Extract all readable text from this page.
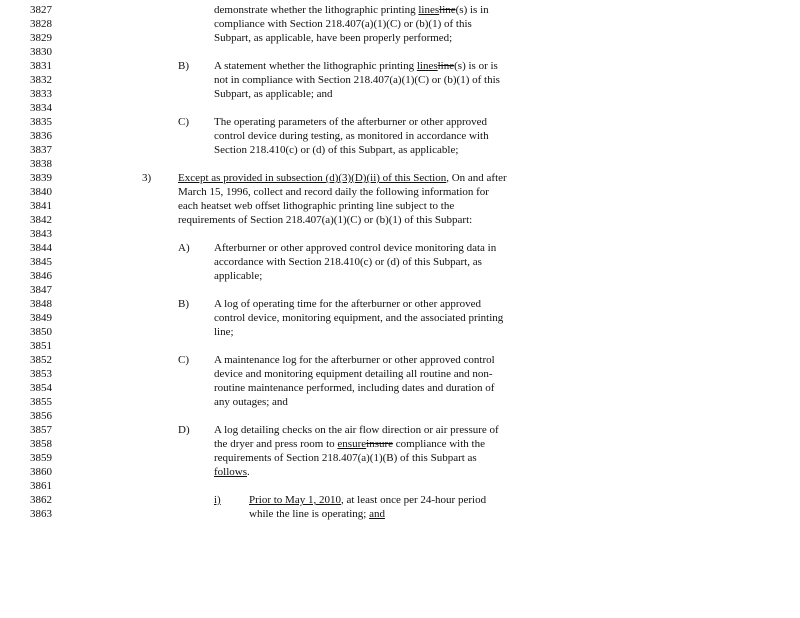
3827
3828
3829
3830
3831
3832
3833
3834
3835
3836
3837
3838
3839
3840
3841
3842
3843
3844
3845
3846
3847
3848
3849
3850
3851
3852
3853
3854
3855
3856
3857
3858
3859
3860
3861
3862
3863
demonstrate whether the lithographic printing linesline(s) is in
compliance with Section 218.407(a)(1)(C) or (b)(1) of this
Subpart, as applicable, have been properly performed;
B) A statement whether the lithographic printing linesline(s) is or is
not in compliance with Section 218.407(a)(1)(C) or (b)(1) of this
Subpart, as applicable; and
C) The operating parameters of the afterburner or other approved
control device during testing, as monitored in accordance with
Section 218.410(c) or (d) of this Subpart, as applicable;
3) Except as provided in subsection (d)(3)(D)(ii) of this Section, On and after
March 15, 1996, collect and record daily the following information for
each heatset web offset lithographic printing line subject to the
requirements of Section 218.407(a)(1)(C) or (b)(1) of this Subpart:
A) Afterburner or other approved control device monitoring data in
accordance with Section 218.410(c) or (d) of this Subpart, as
applicable;
B) A log of operating time for the afterburner or other approved
control device, monitoring equipment, and the associated printing
line;
C) A maintenance log for the afterburner or other approved control
device and monitoring equipment detailing all routine and non-
routine maintenance performed, including dates and duration of
any outages; and
D) A log detailing checks on the air flow direction or air pressure of
the dryer and press room to ensureinsure compliance with the
requirements of Section 218.407(a)(1)(B) of this Subpart as
follows.
i)	Prior to May 1, 2010, at least once per 24-hour period
while the line is operating; and
